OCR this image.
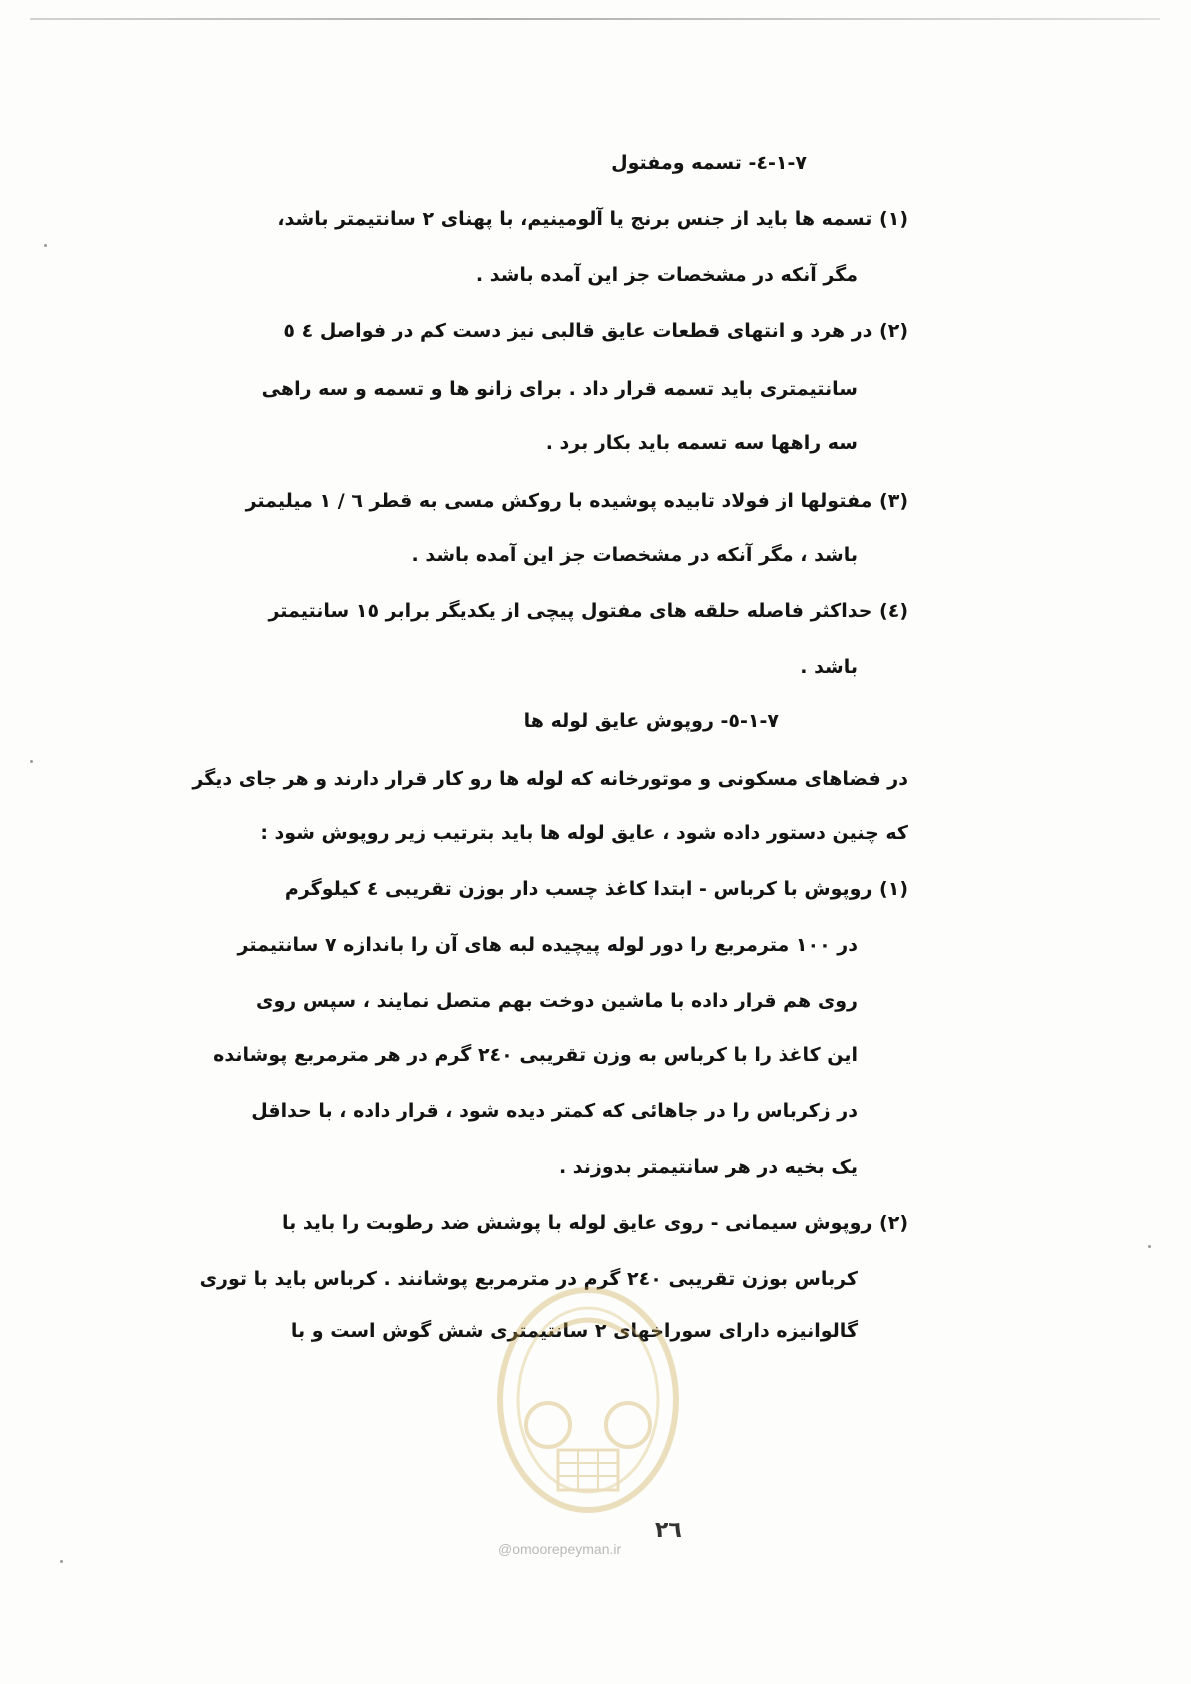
۱-۷-٤- تسمه ومفتول
(۱) تسمه ها باید از جنس برنج یا آلومینیم، با پهنای ۲ سانتیمتر باشد،
مگر آنکه در مشخصات جز این آمده باشد .
(۲) در هرد و انتهای قطعات عایق قالبی نیز دست کم در فواصل ٤ ٥
سانتیمتری باید تسمه قرار داد . برای زانو ها و تسمه و سه راهی
سه راهها سه تسمه باید بکار برد .
(۳) مفتولها از فولاد تابیده پوشیده با روکش مسی به قطر ٦ / ۱ میلیمتر
باشد ، مگر آنکه در مشخصات جز این آمده باشد .
(٤) حداکثر فاصله حلقه های مفتول پیچی از یکدیگر برابر ۱٥ سانتیمتر
باشد .
۱-۷-٥- روپوش عایق لوله ها
در فضاهای مسکونی و موتورخانه که لوله ها رو کار قرار دارند و هر جای دیگر
که چنین دستور داده شود ، عایق لوله ها باید بترتیب زیر روپوش شود :
(۱) روپوش با کرباس - ابتدا کاغذ چسب دار بوزن تقریبی ٤ کیلوگرم
در ۱۰۰ مترمربع را دور لوله پیچیده لبه های آن را باندازه ۷ سانتیمتر
روی هم قرار داده با ماشین دوخت بهم متصل نمایند ، سپس روی
این کاغذ را با کرباس به وزن تقریبی ۲٤۰ گرم در هر مترمربع پوشانده
در زکرباس را در جاهائی که کمتر دیده شود ، قرار داده ، با حداقل
یک بخیه در هر سانتیمتر بدوزند .
(۲) روپوش سیمانی - روی عایق لوله با پوشش ضد رطوبت را باید با
کرباس بوزن تقریبی ۲٤۰ گرم در مترمربع پوشانند . کرباس باید با توری
گالوانیزه دارای سوراخهای ۲ سانتیمتری شش گوش است و با
۲٦
@omoorepeyman.ir
